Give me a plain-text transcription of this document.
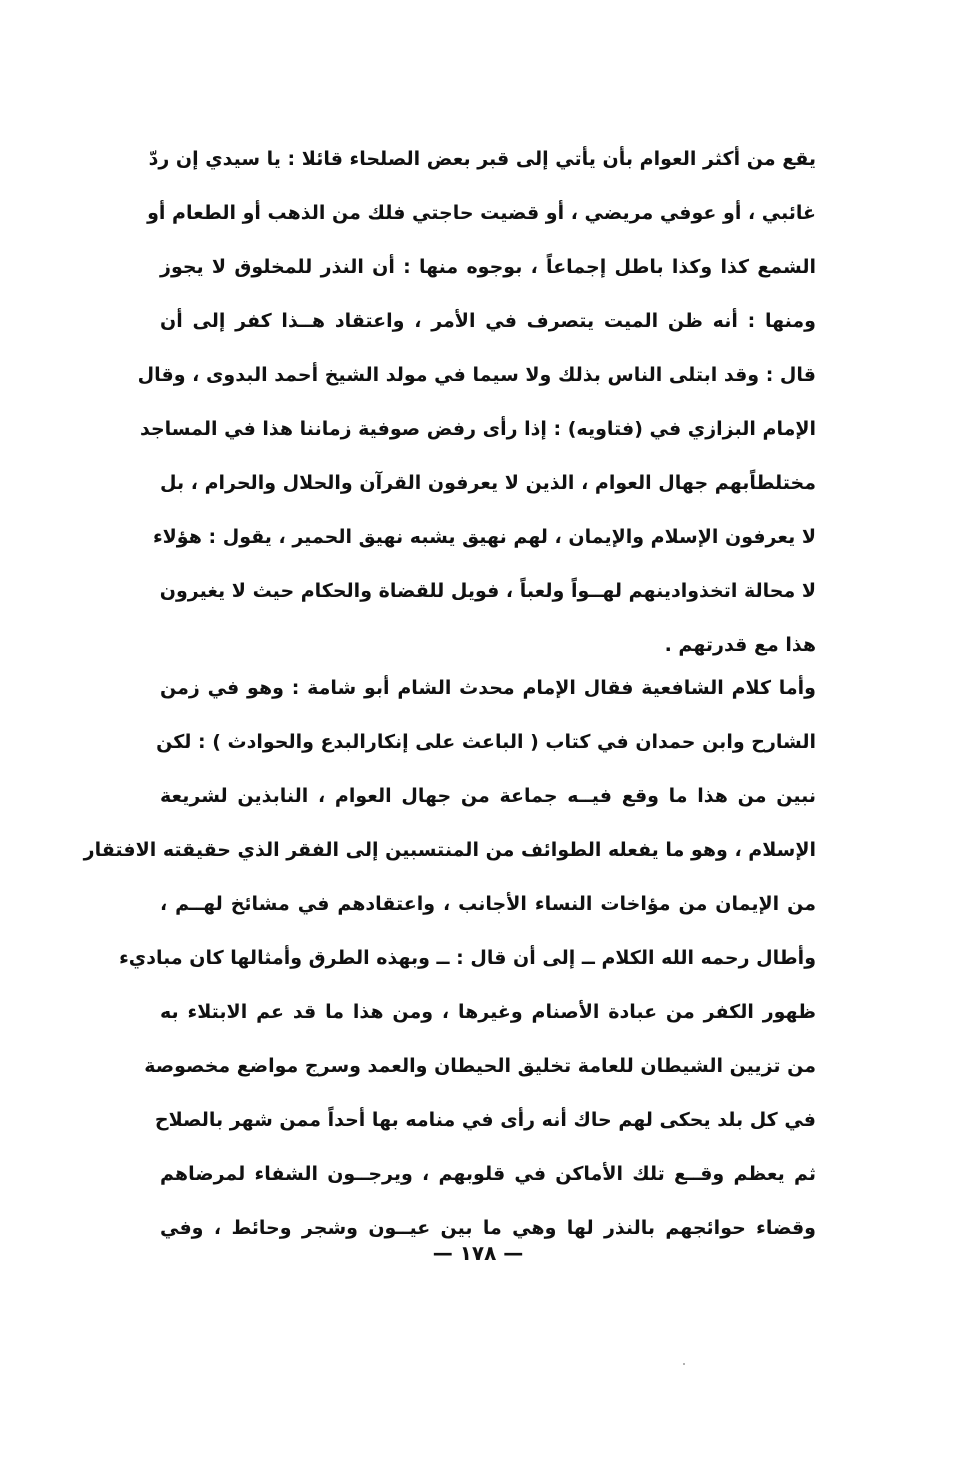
يقع من أكثر العوام بأن يأتي إلى قبر بعض الصلحاء قائلا : يا سيدي إن ردّ
غائبي ، أو عوفي مريضي ، أو قضيت حاجتي فلك من الذهب أو الطعام أو
الشمع كذا وكذا باطل إجماعاً ، بوجوه منها : أن النذر للمخلوق لا يجوز
ومنها : أنه ظن الميت يتصرف في الأمر ، واعتقاد هــذا كفر إلى أن
قال : وقد ابتلى الناس بذلك ولا سيما في مولد الشيخ أحمد البدوى ، وقال
الإمام البزازي في (فتاويه) : إذا رأى رفض صوفية زماننا هذا في المساجد
مختلطاًبهم جهال العوام ، الذين لا يعرفون القرآن والحلال والحرام ، بل
لا يعرفون الإسلام والإيمان ، لهم نهيق يشبه نهيق الحمير ، يقول : هؤلاء
لا محالة اتخذوادينهم لهــواً ولعباً ، فويل للقضاة والحكام حيث لا يغيرون
هذا مع قدرتهم .
وأما كلام الشافعية فقال الإمام محدث الشام أبو شامة : وهو في زمن
الشارح وابن حمدان في كتاب ( الباعث على إنكارالبدع والحوادث ) : لكن
نبين من هذا ما وقع فيــه جماعة من جهال العوام ، النابذين لشريعة
الإسلام ، وهو ما يفعله الطوائف من المنتسبين إلى الفقر الذي حقيقته الافتقار
من الإيمان من مؤاخات النساء الأجانب ، واعتقادهم في مشائخ لهــم ،
وأطال رحمه الله الكلام ــ إلى أن قال : ــ وبهذه الطرق وأمثالها كان مباديء
ظهور الكفر من عبادة الأصنام وغيرها ، ومن هذا ما قد عم الابتلاء به
من تزيين الشيطان للعامة تخليق الحيطان والعمد وسرج مواضع مخصوصة
في كل بلد يحكى لهم حاك أنه رأى في منامه بها أحداً ممن شهر بالصلاح
ثم يعظم وقــع تلك الأماكن في قلوبهم ، ويرجــون الشفاء لمرضاهم
وقضاء حوائجهم بالنذر لها وهي ما بين عيــون وشجر وحائط ، وفي
— ١٧٨ —
